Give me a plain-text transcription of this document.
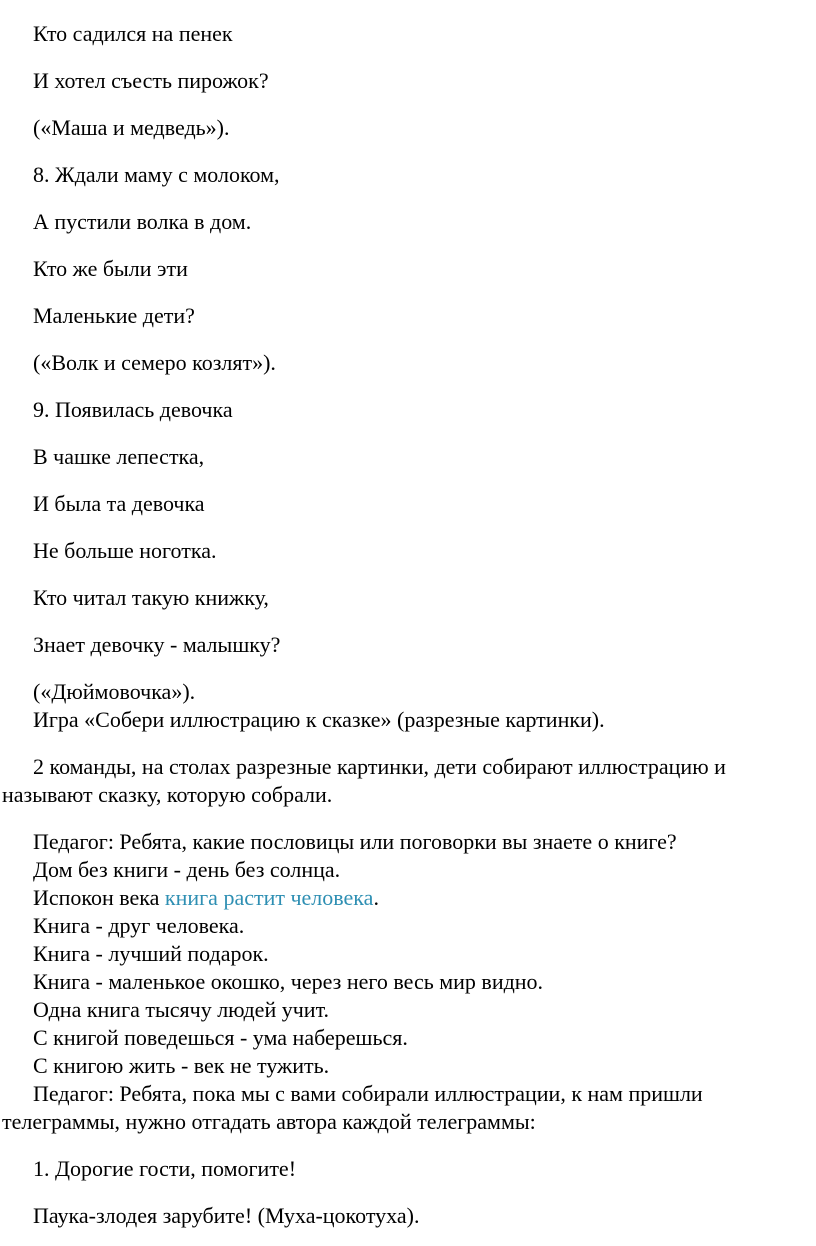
Кто садился на пенек

И хотел съесть пирожок?

(«Маша и медведь»).

8. Ждали маму с молоком,

А пустили волка в дом.

Кто же были эти

Маленькие дети?

(«Волк и семеро козлят»).

9. Появилась девочка

В чашке лепестка,

И была та девочка

Не больше ноготка.

Кто читал такую книжку,

Знает девочку - малышку?

(«Дюймовочка»).

Игра «Собери иллюстрацию к сказке» (разрезные картинки).

2 команды, на столах разрезные картинки, дети собирают иллюстрацию и

называют сказку, которую собрали.

Педагог: Ребята, какие пословицы или поговорки вы знаете о книге?

Дом без книги - день без солнца.

Испокон века книга растит человека.

Книга - друг человека.

Книга - лучший подарок.

Книга - маленькое окошко, через него весь мир видно.

Одна книга тысячу людей учит.

С книгой поведешься - ума наберешься.

С книгою жить - век не тужить.

Педагог: Ребята, пока мы с вами собирали иллюстрации, к нам пришли

телеграммы, нужно отгадать автора каждой телеграммы:

1. Дорогие гости, помогите!

Паука-злодея зарубите! (Муха-цокотуха).
